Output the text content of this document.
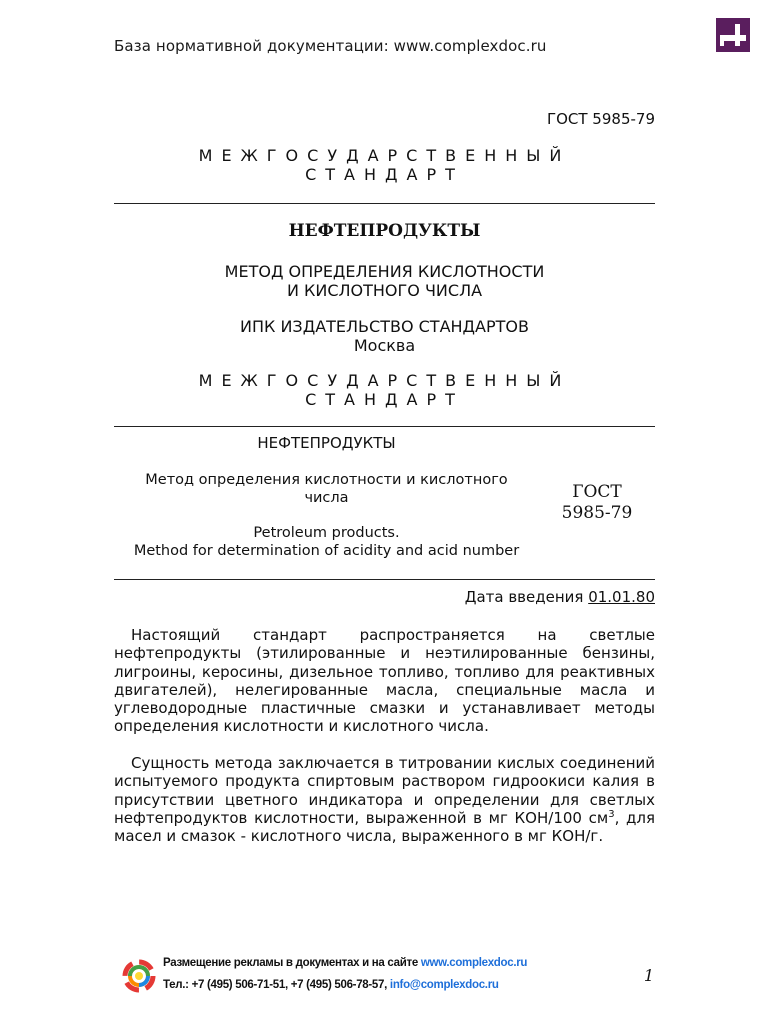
База нормативной документации: www.complexdoc.ru
ГОСТ 5985-79
МЕЖГОСУДАРСТВЕННЫЙ
СТАНДАРТ
НЕФТЕПРОДУКТЫ
МЕТОД ОПРЕДЕЛЕНИЯ КИСЛОТНОСТИ
И КИСЛОТНОГО ЧИСЛА
ИПК ИЗДАТЕЛЬСТВО СТАНДАРТОВ
Москва
МЕЖГОСУДАРСТВЕННЫЙ
СТАНДАРТ
НЕФТЕПРОДУКТЫ
Метод определения кислотности и кислотного
числа
Petroleum products.
Method for determination of acidity and acid number
ГОСТ
5985-79
Дата введения 01.01.80

Настоящий стандарт распространяется на светлые нефтепродукты (этилированные и неэтилированные бензины, лигроины, керосины, дизельное топливо, топливо для реактивных двигателей), нелегированные масла, специальные масла и углеводородные пластичные смазки и устанавливает методы определения кислотности и кислотного числа.

Сущность метода заключается в титровании кислых соединений испытуемого продукта спиртовым раствором гидроокиси калия в присутствии цветного индикатора и определении для светлых нефтепродуктов кислотности, выраженной в мг КОН/100 $см^3$, для масел и смазок - кислотного числа, выраженного в мг КОН/г.

Размещение рекламы в документах и на сайте www.complexdoc.ru
Тел.: +7 (495) 506-71-51, +7 (495) 506-78-57, info@complexdoc.ru	1
